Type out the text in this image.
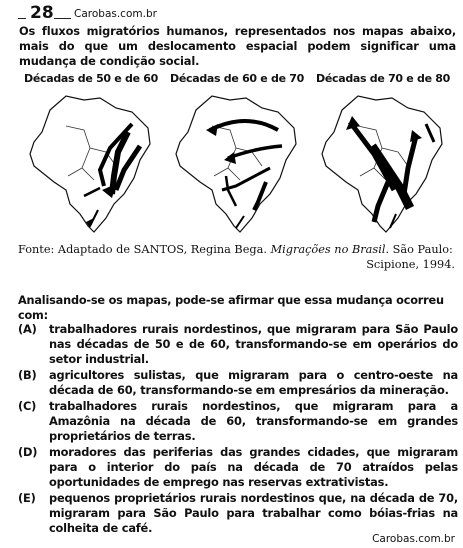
28 Carobas.com.br
Os fluxos migratórios humanos, representados nos mapas abaixo, mais do que um deslocamento espacial podem significar uma mudança de condição social.
Décadas de 50 e de 60	Décadas de 60 e de 70	Décadas de 70 e de 80
Fonte: Adaptado de SANTOS, Regina Bega. Migrações no Brasil. São Paulo:
Scipione, 1994.
Analisando-se os mapas, pode-se afirmar que essa mudança ocorreu com:
(A)	trabalhadores rurais nordestinos, que migraram para São Paulo nas décadas de 50 e de 60, transformando-se em operários do setor industrial.
(B)	agricultores sulistas, que migraram para o centro-oeste na década de 60, transformando-se em empresários da mineração.
(C)	trabalhadores rurais nordestinos, que migraram para a Amazônia na década de 60, transformando-se em grandes proprietários de terras.
(D)	moradores das periferias das grandes cidades, que migraram para o interior do país na década de 70 atraídos pelas oportunidades de emprego nas reservas extrativistas.
(E)	pequenos proprietários rurais nordestinos que, na década de 70, migraram para São Paulo para trabalhar como bóias-frias na colheita de café.
Carobas.com.br
